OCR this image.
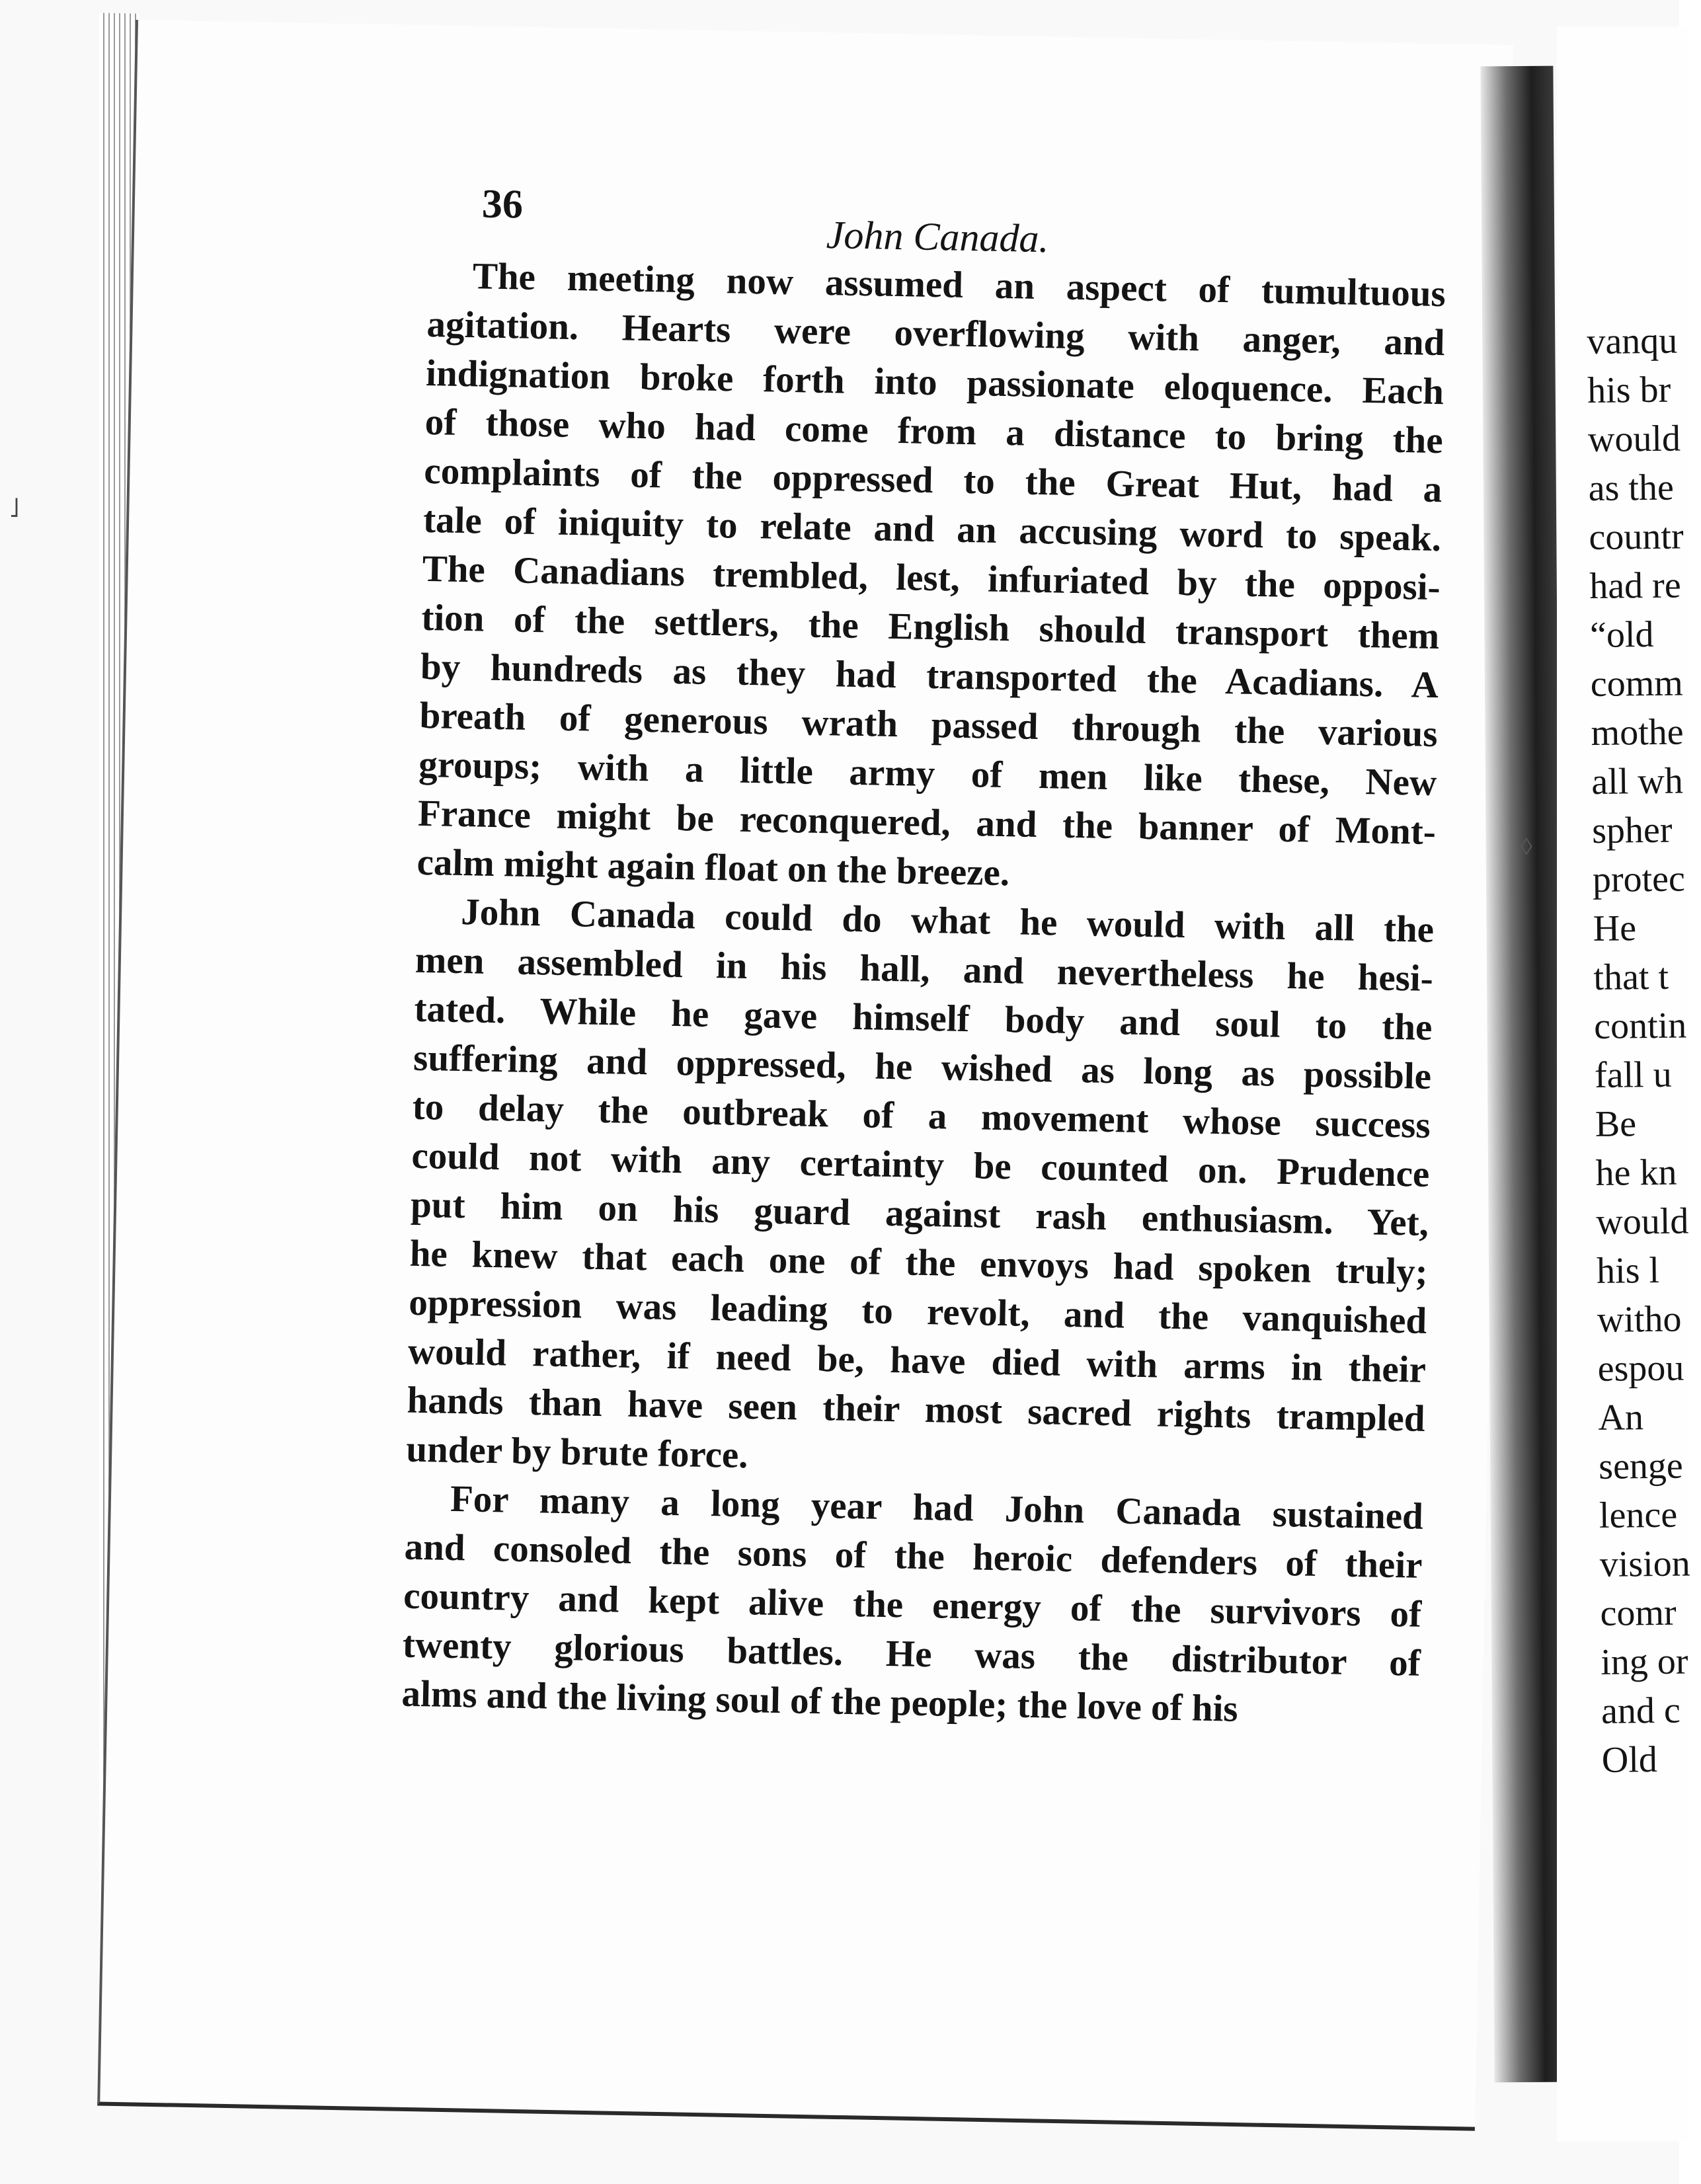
˩
◊
36
John Canada.
The meeting now assumed an aspect of tumultuous
agitation. Hearts were overflowing with anger, and
indignation broke forth into passionate eloquence. Each
of those who had come from a distance to bring the
complaints of the oppressed to the Great Hut, had a
tale of iniquity to relate and an accusing word to speak.
The Canadians trembled, lest, infuriated by the opposi-
tion of the settlers, the English should transport them
by hundreds as they had transported the Acadians. A
breath of generous wrath passed through the various
groups; with a little army of men like these, New
France might be reconquered, and the banner of Mont-
calm might again float on the breeze.
John Canada could do what he would with all the
men assembled in his hall, and nevertheless he hesi-
tated. While he gave himself body and soul to the
suffering and oppressed, he wished as long as possible
to delay the outbreak of a movement whose success
could not with any certainty be counted on. Prudence
put him on his guard against rash enthusiasm. Yet,
he knew that each one of the envoys had spoken truly;
oppression was leading to revolt, and the vanquished
would rather, if need be, have died with arms in their
hands than have seen their most sacred rights trampled
under by brute force.
For many a long year had John Canada sustained
and consoled the sons of the heroic defenders of their
country and kept alive the energy of the survivors of
twenty glorious battles. He was the distributor of
alms and the living soul of the people; the love of his
vanqu
his br
would
as the
countr
had re
“old
comm
mothe
all wh
spher
protec
He
that t
contin
fall u
Be
he kn
would
his l
witho
espou
An
senge
lence
vision
comr
ing or
and c
Old
